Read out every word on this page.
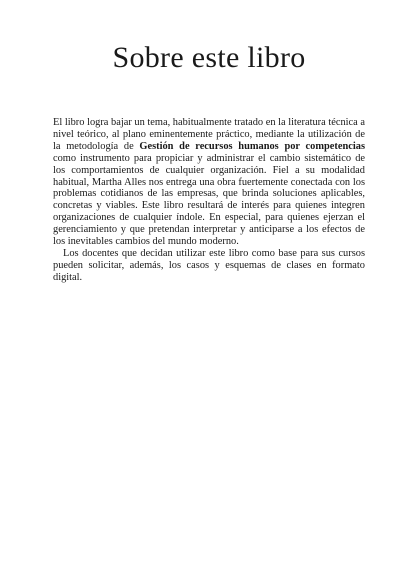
Sobre este libro

El libro logra bajar un tema, habitualmente tratado en la literatura técnica a nivel teórico, al plano eminentemente práctico, mediante la utilización de la metodología de Gestión de recursos humanos por competencias como instrumento para propiciar y administrar el cambio sistemático de los comportamientos de cualquier organización. Fiel a su modalidad habitual, Martha Alles nos entrega una obra fuertemente conectada con los problemas cotidianos de las empresas, que brinda soluciones aplicables, concretas y viables. Este libro resultará de interés para quienes integren organizaciones de cualquier índole. En especial, para quienes ejerzan el gerenciamiento y que pretendan interpretar y anticiparse a los efectos de los inevitables cambios del mundo moderno.

Los docentes que decidan utilizar este libro como base para sus cursos pueden solicitar, además, los casos y esquemas de clases en formato digital.
